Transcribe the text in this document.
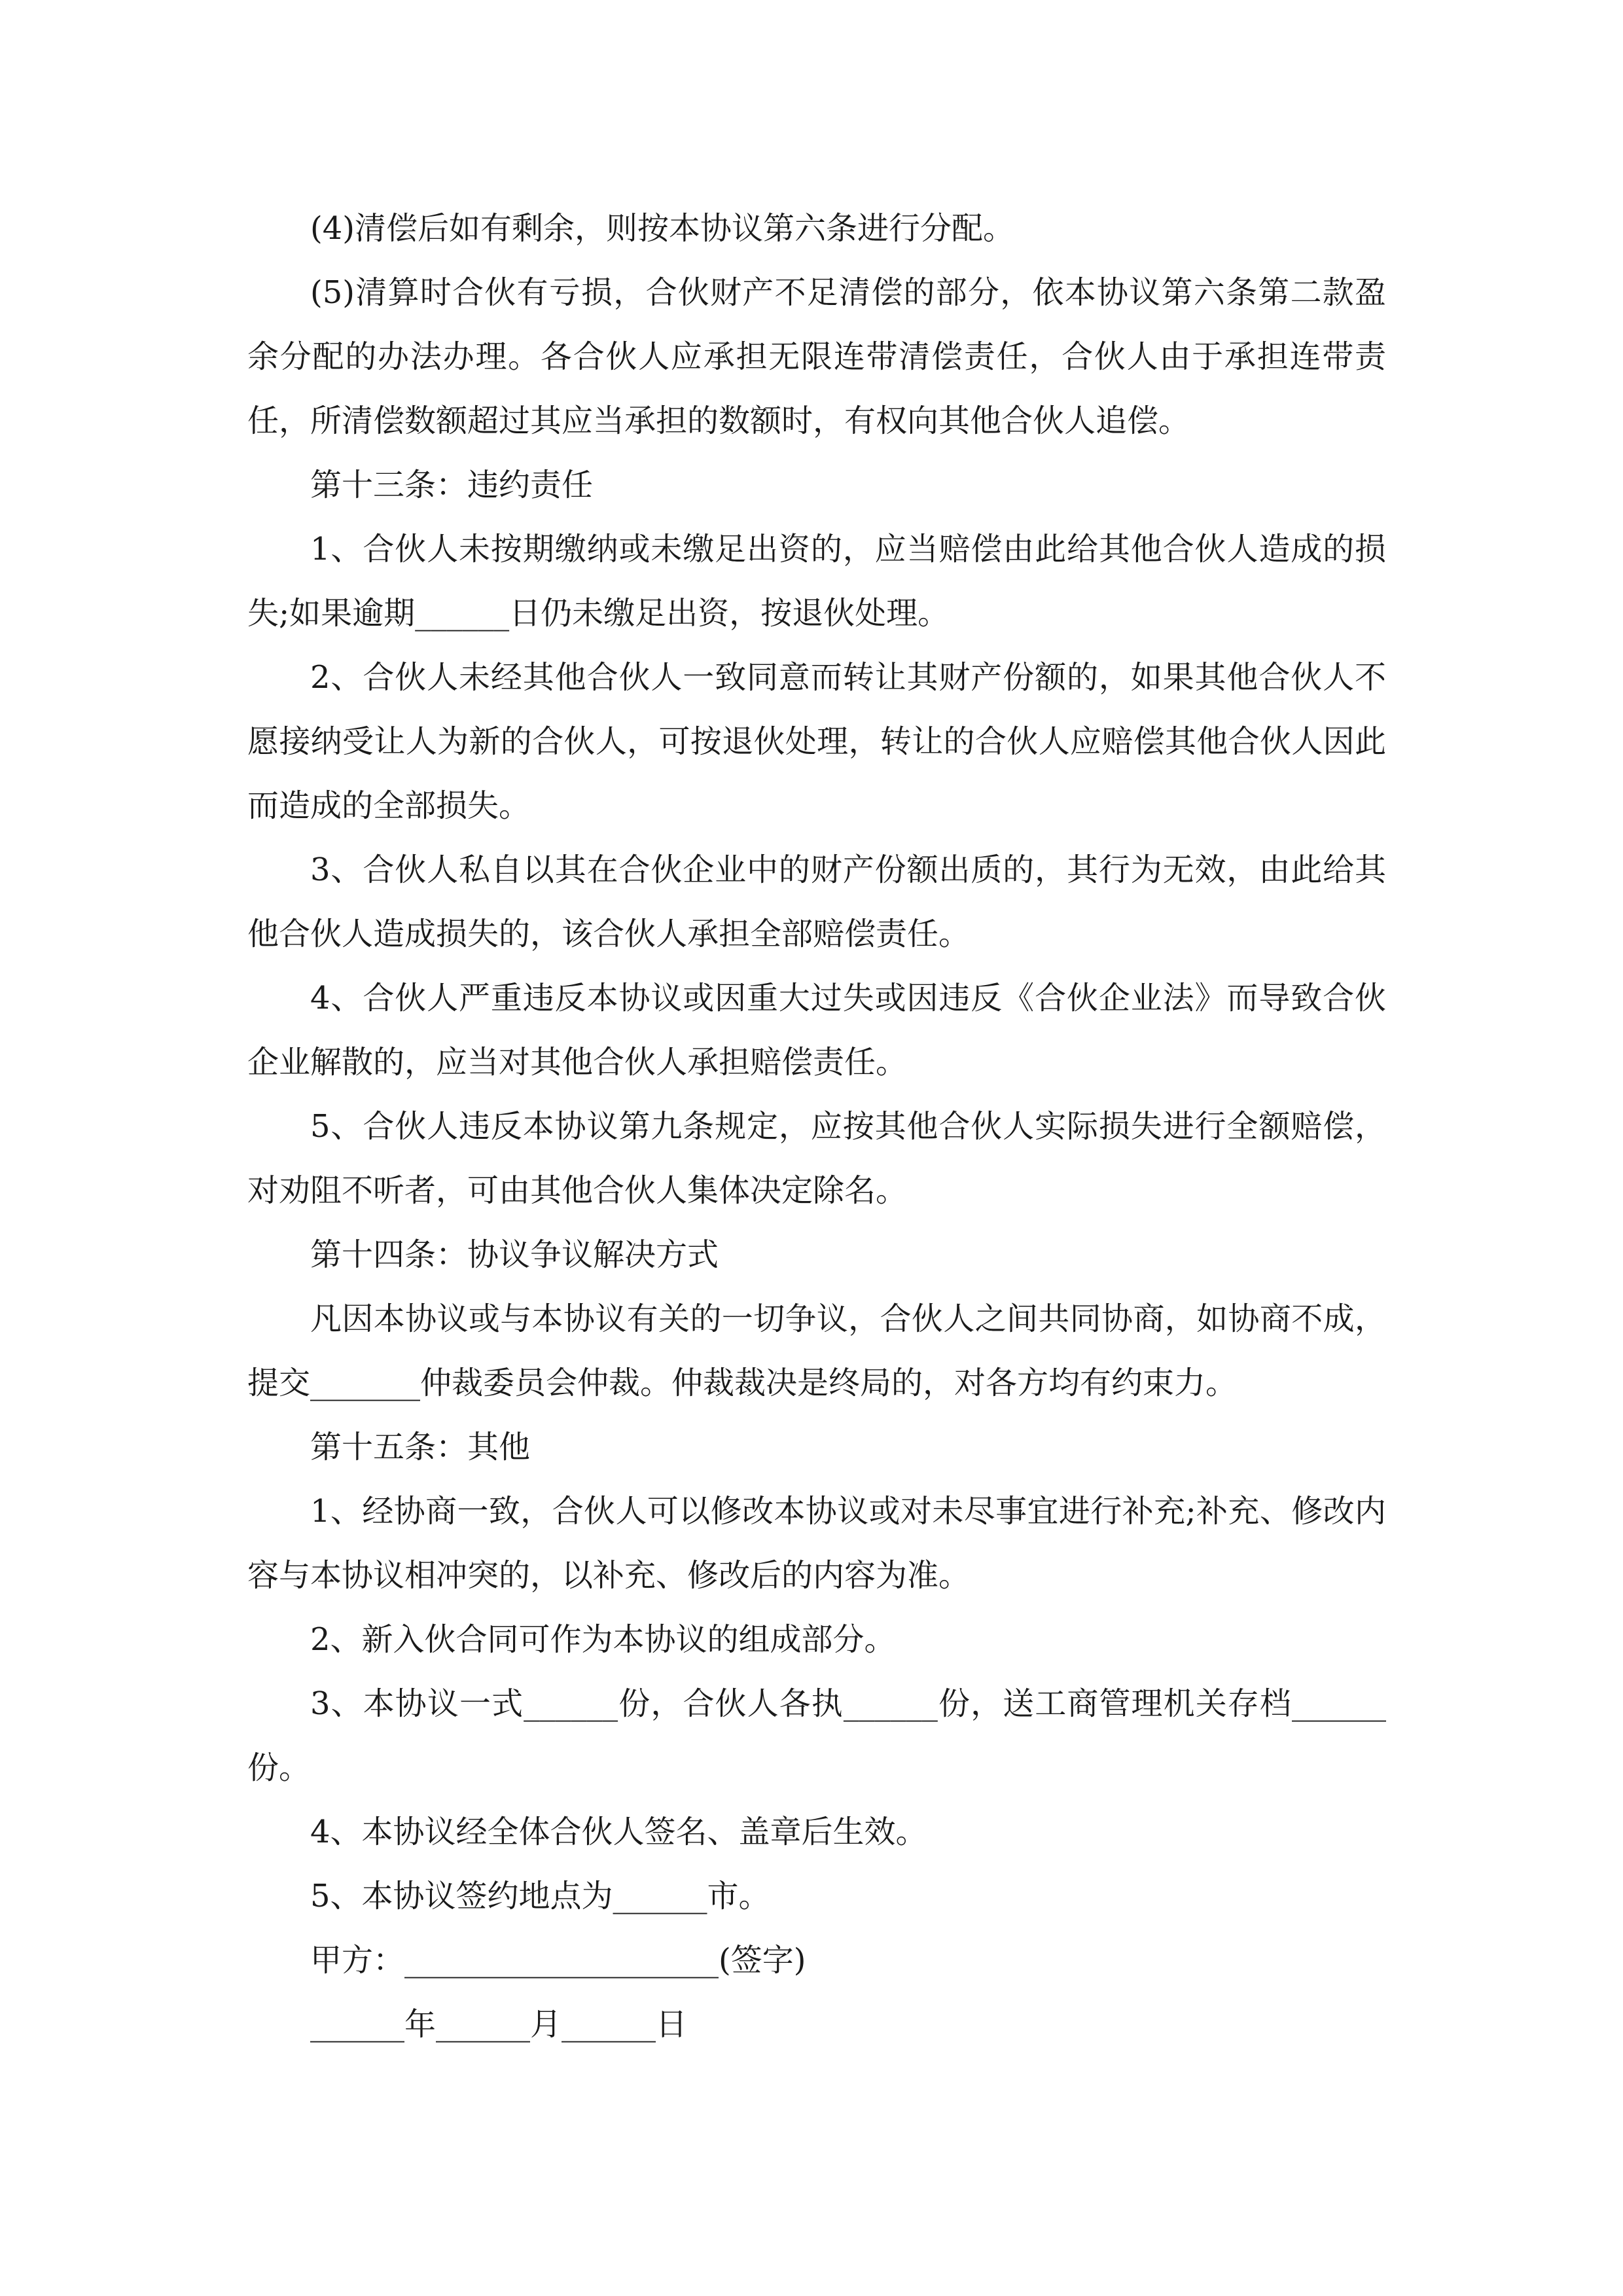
(4)清偿后如有剩余，则按本协议第六条进行分配。

(5)清算时合伙有亏损，合伙财产不足清偿的部分，依本协议第六条第二款盈余分配的办法办理。各合伙人应承担无限连带清偿责任，合伙人由于承担连带责任，所清偿数额超过其应当承担的数额时，有权向其他合伙人追偿。

第十三条：违约责任

1、合伙人未按期缴纳或未缴足出资的，应当赔偿由此给其他合伙人造成的损失;如果逾期______日仍未缴足出资，按退伙处理。

2、合伙人未经其他合伙人一致同意而转让其财产份额的，如果其他合伙人不愿接纳受让人为新的合伙人，可按退伙处理，转让的合伙人应赔偿其他合伙人因此而造成的全部损失。

3、合伙人私自以其在合伙企业中的财产份额出质的，其行为无效，由此给其他合伙人造成损失的，该合伙人承担全部赔偿责任。

4、合伙人严重违反本协议或因重大过失或因违反《合伙企业法》而导致合伙企业解散的，应当对其他合伙人承担赔偿责任。

5、合伙人违反本协议第九条规定，应按其他合伙人实际损失进行全额赔偿，对劝阻不听者，可由其他合伙人集体决定除名。

第十四条：协议争议解决方式

凡因本协议或与本协议有关的一切争议，合伙人之间共同协商，如协商不成，提交_______仲裁委员会仲裁。仲裁裁决是终局的，对各方均有约束力。

第十五条：其他

1、经协商一致，合伙人可以修改本协议或对未尽事宜进行补充;补充、修改内容与本协议相冲突的，以补充、修改后的内容为准。

2、新入伙合同可作为本协议的组成部分。

3、本协议一式______份，合伙人各执______份，送工商管理机关存档______份。

4、本协议经全体合伙人签名、盖章后生效。

5、本协议签约地点为______市。

甲方：____________________(签字)

______年______月______日
